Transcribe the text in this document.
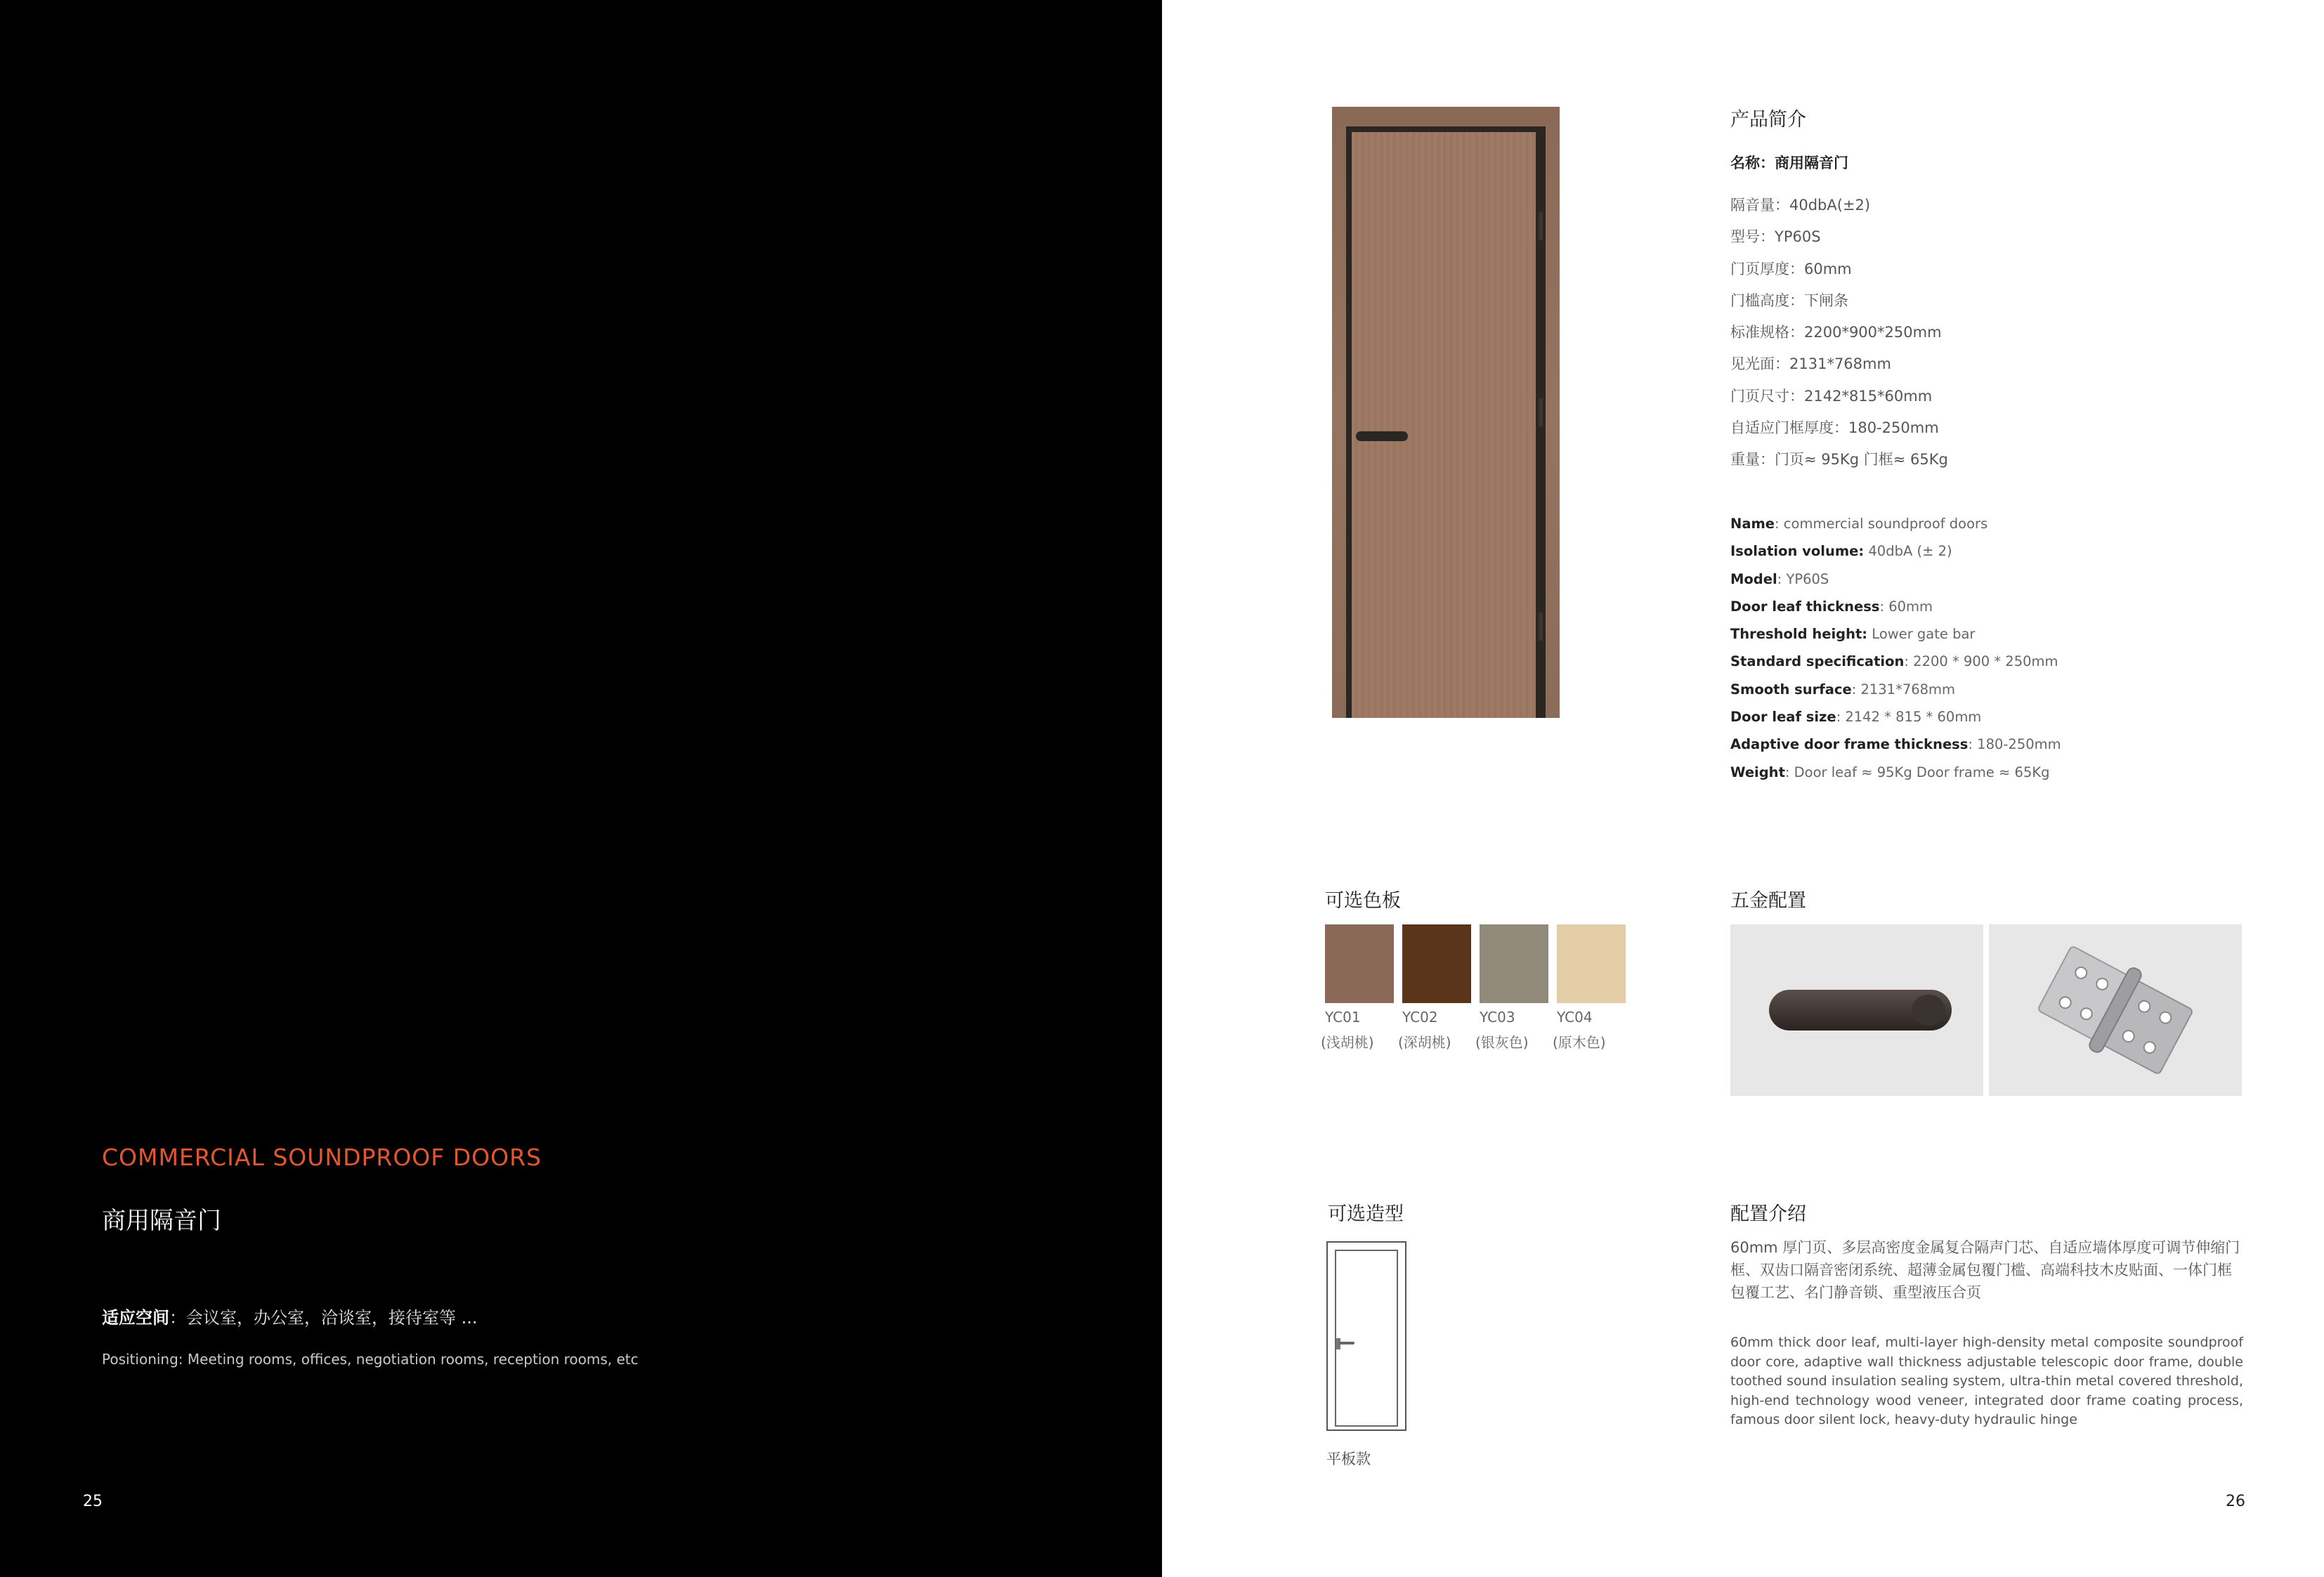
COMMERCIAL SOUNDPROOF DOORS
商用隔音门
适应空间：会议室，办公室，洽谈室，接待室等 ...
Positioning: Meeting rooms, offices, negotiation rooms, reception rooms, etc
25
产品简介
名称：商用隔音门
隔音量：40dbA(±2)
型号：YP60S
门页厚度：60mm
门槛高度：下闸条
标准规格：2200*900*250mm
见光面：2131*768mm
门页尺寸：2142*815*60mm
自适应门框厚度：180-250mm
重量：门页≈ 95Kg 门框≈ 65Kg
Name: commercial soundproof doors
Isolation volume: 40dbA (± 2)
Model: YP60S
Door leaf thickness: 60mm
Threshold height: Lower gate bar
Standard specification: 2200 * 900 * 250mm
Smooth surface: 2131*768mm
Door leaf size: 2142 * 815 * 60mm
Adaptive door frame thickness: 180-250mm
Weight: Door leaf ≈ 95Kg Door frame ≈ 65Kg
可选色板
YC01
(浅胡桃)
YC02
(深胡桃)
YC03
(银灰色)
YC04
(原木色)
五金配置
可选造型
平板款
配置介绍
60mm 厚门页、多层高密度金属复合隔声门芯、自适应墙体厚度可调节伸缩门框、双齿口隔音密闭系统、超薄金属包覆门槛、高端科技木皮贴面、一体门框包覆工艺、名门静音锁、重型液压合页
60mm thick door leaf, multi-layer high-density metal composite soundproof door core, adaptive wall thickness adjustable telescopic door frame, double toothed sound insulation sealing system, ultra-thin metal covered threshold, high-end technology wood veneer, integrated door frame coating process, famous door silent lock, heavy-duty hydraulic hinge
26
